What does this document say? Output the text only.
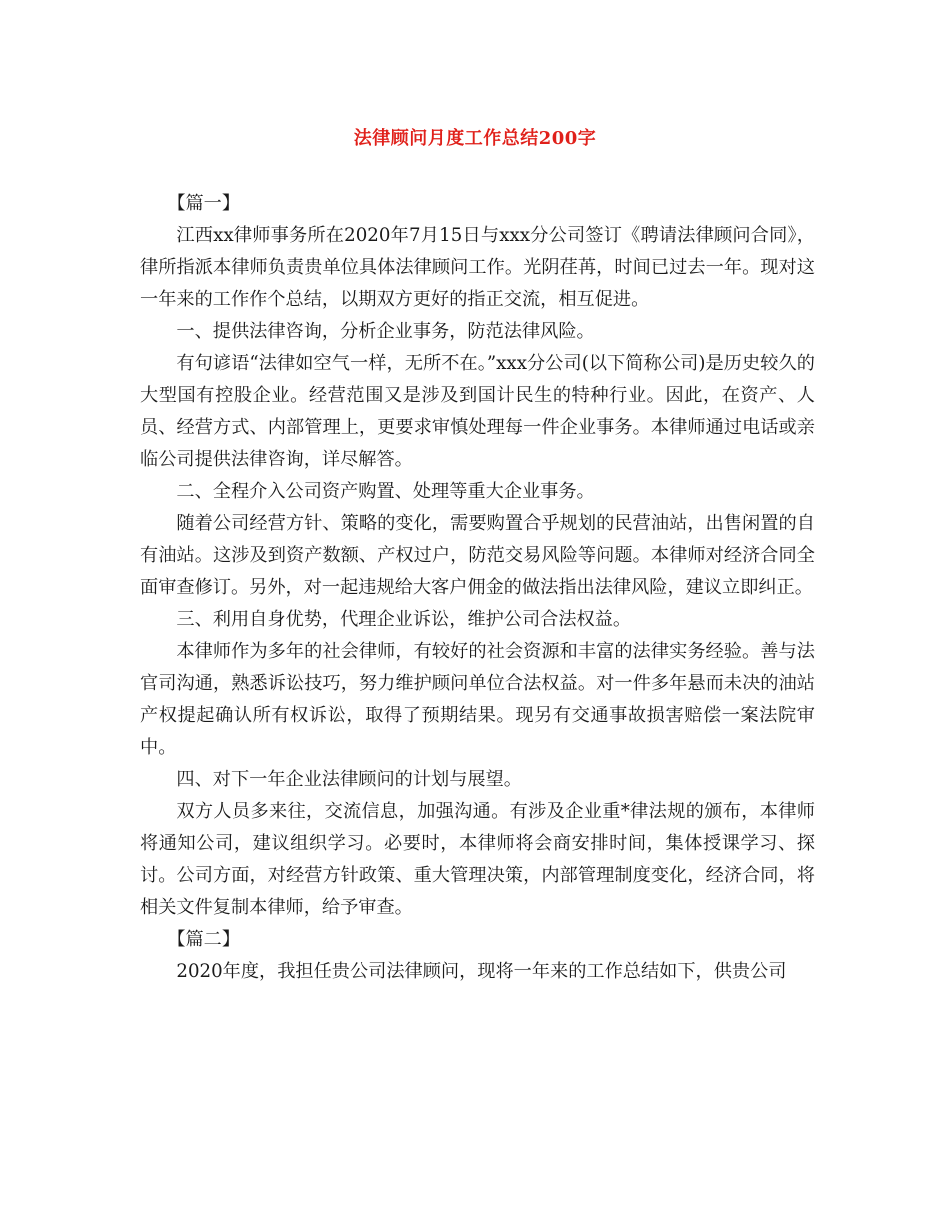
法律顾问月度工作总结200字

【篇一】

江西xx律师事务所在2020年7月15日与xxx分公司签订《聘请法律顾问合同》，律所指派本律师负责贵单位具体法律顾问工作。光阴荏苒，时间已过去一年。现对这一年来的工作作个总结，以期双方更好的指正交流，相互促进。

一、提供法律咨询，分析企业事务，防范法律风险。

有句谚语“法律如空气一样，无所不在。”xxx分公司(以下简称公司)是历史较久的大型国有控股企业。经营范围又是涉及到国计民生的特种行业。因此，在资产、人员、经营方式、内部管理上，更要求审慎处理每一件企业事务。本律师通过电话或亲临公司提供法律咨询，详尽解答。

二、全程介入公司资产购置、处理等重大企业事务。

随着公司经营方针、策略的变化，需要购置合乎规划的民营油站，出售闲置的自有油站。这涉及到资产数额、产权过户，防范交易风险等问题。本律师对经济合同全面审查修订。另外，对一起违规给大客户佣金的做法指出法律风险，建议立即纠正。

三、利用自身优势，代理企业诉讼，维护公司合法权益。

本律师作为多年的社会律师，有较好的社会资源和丰富的法律实务经验。善与法官司沟通，熟悉诉讼技巧，努力维护顾问单位合法权益。对一件多年悬而未决的油站产权提起确认所有权诉讼，取得了预期结果。现另有交通事故损害赔偿一案法院审中。

四、对下一年企业法律顾问的计划与展望。

双方人员多来往，交流信息，加强沟通。有涉及企业重*律法规的颁布，本律师将通知公司，建议组织学习。必要时，本律师将会商安排时间，集体授课学习、探讨。公司方面，对经营方针政策、重大管理决策，内部管理制度变化，经济合同，将相关文件复制本律师，给予审查。

【篇二】

2020年度，我担任贵公司法律顾问，现将一年来的工作总结如下，供贵公司
